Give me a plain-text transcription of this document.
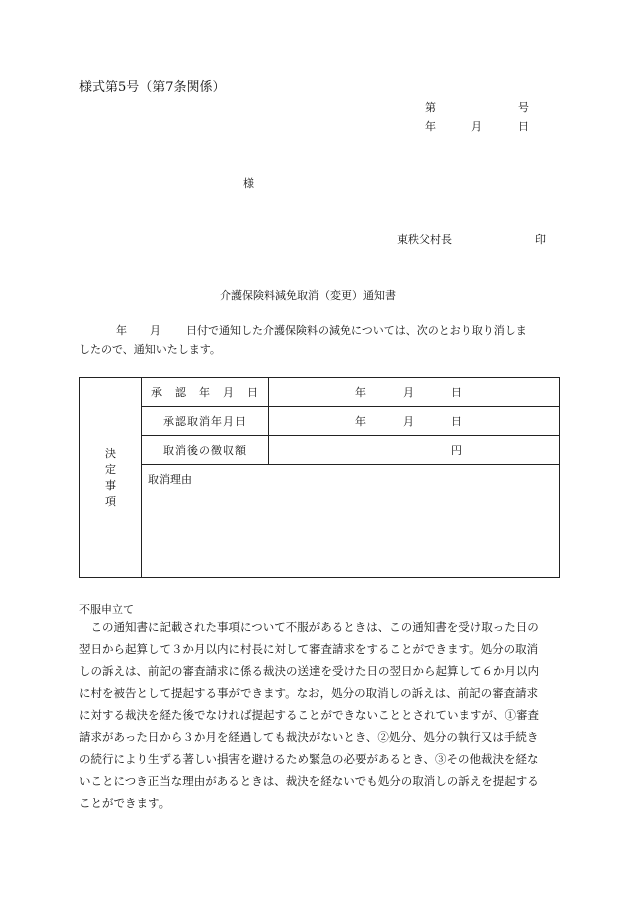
様式第5号（第7条関係）
第	号
年	月	日
様
東秩父村長	印
介護保険料減免取消（変更）通知書
年 月 日付で通知した介護保険料の減免については、次のとおり取り消しま
したので、通知いたします。
決定事項	承　認　年　月　日	年 月 日

	承認取消年月日	年 月 日

	取消後の徴収額	円

	取消理由	
不服申立て
　この通知書に記載された事項について不服があるときは、この通知書を受け取った日の
翌日から起算して３か月以内に村長に対して審査請求をすることができます。処分の取消
しの訴えは、前記の審査請求に係る裁決の送達を受けた日の翌日から起算して６か月以内
に村を被告として提起する事ができます。なお，処分の取消しの訴えは、前記の審査請求
に対する裁決を経た後でなければ提起することができないこととされていますが、①審査
請求があった日から３か月を経過しても裁決がないとき、②処分、処分の執行又は手続き
の続行により生ずる著しい損害を避けるため緊急の必要があるとき、③その他裁決を経な
いことにつき正当な理由があるときは、裁決を経ないでも処分の取消しの訴えを提起する
ことができます。
